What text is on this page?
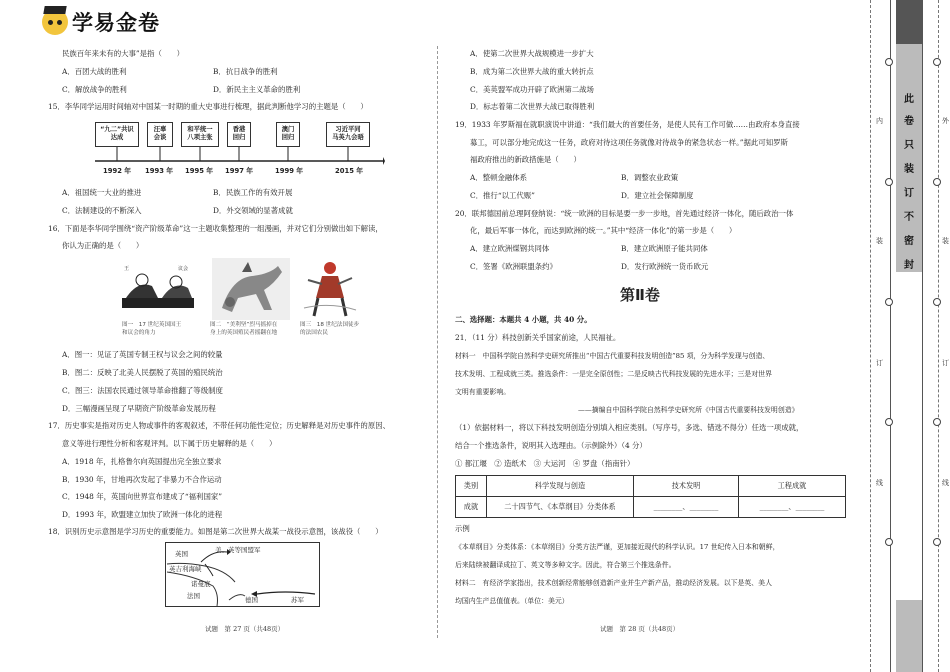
学易金卷
民族百年来未有的大事”是指（　　）
A．百团大战的胜利	B．抗日战争的胜利
C．解放战争的胜利	D．新民主主义革命的胜利
15．李华同学运用时间轴对中国某一时期的重大史事进行梳理，据此判断他学习的主题是（　　）
“九二”共识
达成
汪辜
会谈
和平统一
八项主张
香港
回归
澳门
回归
习近平同
马英九会晤
1992 年 1993 年 1995 年 1997 年	1999 年	2015 年
A．祖国统一大业的推进	B．民族工作的有效开展
C．法制建设的不断深入	D．外交领域的显著成就
16．下面是李华同学围绕“资产阶级革命”这一主题收集整理的一组漫画，并对它们分别做出如下解读，
你认为正确的是（　　）
王	议会
图一　17 世纪英国国王
和议会的角力
图二　“美利坚”烈马摇掉在
身上的英国殖民者摇翻在地
图三　18 世纪法国徒步
的法国农民
A．图一：见证了英国专制王权与议会之间的较量
B．图二：反映了北美人民摆脱了英国的殖民统治
C．图三：法国农民通过领导革命推翻了等级制度
D．三幅漫画呈现了早期资产阶级革命发展历程
17．历史事实是指对历史人物或事件的客观叙述，不带任何功能性定位；历史解释是对历史事件的原因、
意义等进行理性分析和客观评判。以下属于历史解释的是（　　）
A．1918 年，扎格鲁尔向英国提出完全独立要求
B．1930 年，甘地再次发起了非暴力不合作运动
C．1948 年，英国向世界宣布建成了“福利国家”
D．1993 年，欧盟建立加快了欧洲一体化的进程
18．识别历史示意图是学习历史的重要能力。如图是第二次世界大战某一战役示意图，该战役（　　）
英国	美、英等国盟军
英吉利海峡
诺曼底
法国	德国	苏军
试题　第 27 页（共48页）
A．使第二次世界大战规模进一步扩大
B．成为第二次世界大战的重大转折点
C．美英盟军成功开辟了欧洲第二战场
D．标志着第二次世界大战已取得胜利
19．1933 年罗斯福在就职演说中讲道：“我们最大的首要任务，是使人民有工作可做……由政府本身直接
募工，可以部分地完成这一任务，政府对待这项任务就像对待战争的紧急状态一样。”据此可知罗斯
福政府推出的新政措施是（　　）
A．整顿金融体系	B．调整农业政策
C．推行“以工代赈”	D．建立社会保障制度
20．联邦德国前总理阿登纳说：“统一欧洲的目标是要一步一步地，首先通过经济一体化，随后政治一体
化，最后军事一体化，而达到欧洲的统一。”其中“经济一体化”的第一步是（　　）
A．建立欧洲煤钢共同体	B．建立欧洲原子能共同体
C．签署《欧洲联盟条约》	D．发行欧洲统一货币欧元
第Ⅱ卷
二、选择题：本题共 4 小题，共 40 分。
21．（11 分）科技创新关乎国家前途，人民福祉。
材料一　中国科学院自然科学史研究所推出“中国古代重要科技发明创造”85 项，分为科学发现与创造、
技术发明、工程成就三类。推选条件：一是完全原创性；二是反映古代科技发展的先进水平；三是对世界
文明有重要影响。
——摘编自中国科学院自然科学史研究所《中国古代重要科技发明创造》
（1）依据材料一，将以下科技发明创造分别填入相应类别。（写序号，多选、错选不得分）任选一项成就，
结合一个推选条件，说明其入选理由。（示例除外）（4 分）
① 都江堰　② 造纸术　③ 大运河　④ 罗盘（指南针）
类别	科学发现与创造	技术发明	工程成就
成就	二十四节气、《本草纲目》分类体系	________、________	________、________
示例
《本草纲目》分类体系：《本草纲目》分类方法严谨，更加接近现代的科学认识。17 世纪传入日本和朝鲜，
后来陆续被翻译成拉丁、英文等多种文字。因此，符合第三个推选条件。
材料二　有经济学家指出，技术创新经常能够创造新产业并生产新产品，推动经济发展。以下是英、美人
均国内生产总值值表。（单位：美元）
试题　第 28 页（共48页）
此
卷
只
装
订
不
密
封
内
装
订
线
外
装
订
线
